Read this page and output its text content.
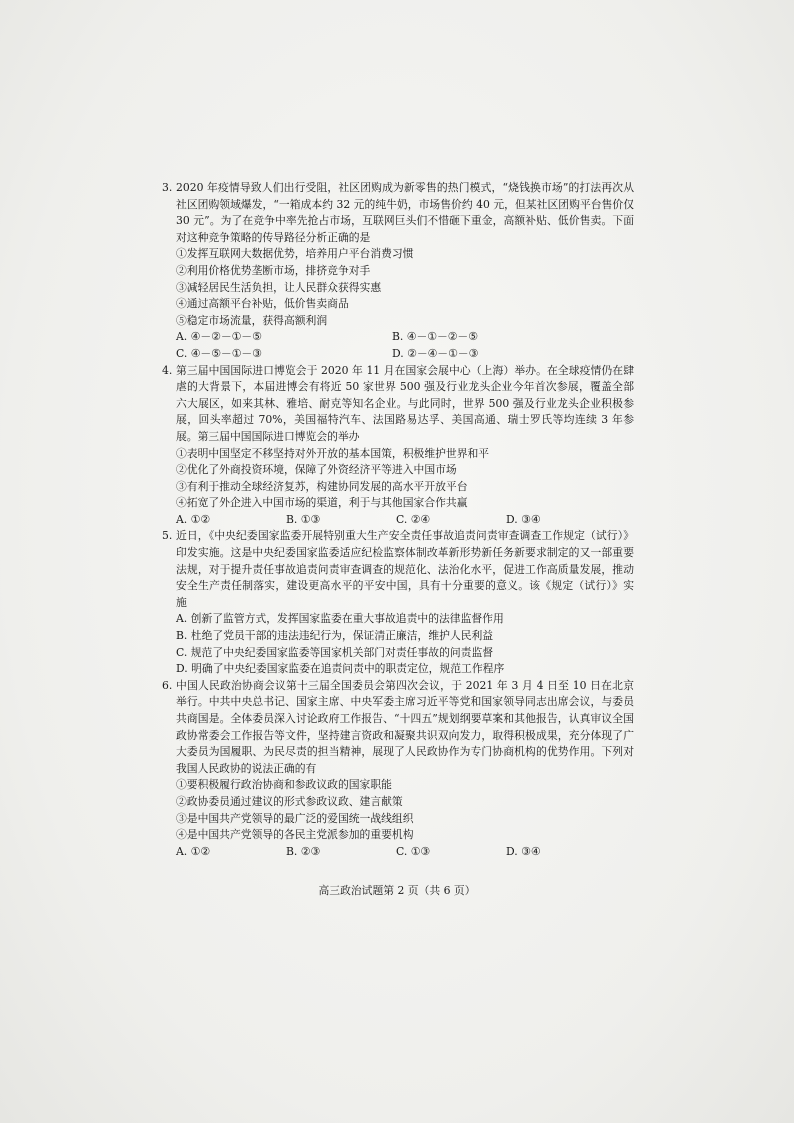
3. 2020 年疫情导致人们出行受阻，社区团购成为新零售的热门模式，“烧钱换市场”的打法再次从社区团购领域爆发，“一箱成本约 32 元的纯牛奶，市场售价约 40 元，但某社区团购平台售价仅 30 元”。为了在竞争中率先抢占市场，互联网巨头们不惜砸下重金，高额补贴、低价售卖。下面对这种竞争策略的传导路径分析正确的是
①发挥互联网大数据优势，培养用户平台消费习惯
②利用价格优势垄断市场，排挤竞争对手
③减轻居民生活负担，让人民群众获得实惠
④通过高额平台补贴，低价售卖商品
⑤稳定市场流量，获得高额利润
A. ④－②－①－⑤	B. ④－①－②－⑤
C. ④－⑤－①－③	D. ②－④－①－③
4. 第三届中国国际进口博览会于 2020 年 11 月在国家会展中心（上海）举办。在全球疫情仍在肆虐的大背景下，本届进博会有将近 50 家世界 500 强及行业龙头企业今年首次参展，覆盖全部六大展区，如来其林、雅培、耐克等知名企业。与此同时，世界 500 强及行业龙头企业积极参展，回头率超过 70%，美国福特汽车、法国路易达孚、美国高通、瑞士罗氏等均连续 3 年参展。第三届中国国际进口博览会的举办
①表明中国坚定不移坚持对外开放的基本国策，积极维护世界和平
②优化了外商投资环境，保障了外资经济平等进入中国市场
③有利于推动全球经济复苏，构建协同发展的高水平开放平台
④拓宽了外企进入中国市场的渠道，利于与其他国家合作共赢
A. ①②	B. ①③	C. ②④	D. ③④
5. 近日，《中央纪委国家监委开展特别重大生产安全责任事故追责问责审查调查工作规定（试行）》印发实施。这是中央纪委国家监委适应纪检监察体制改革新形势新任务新要求制定的又一部重要法规，对于提升责任事故追责问责审查调查的规范化、法治化水平，促进工作高质量发展，推动安全生产责任制落实，建设更高水平的平安中国，具有十分重要的意义。该《规定（试行）》实施
A. 创新了监管方式，发挥国家监委在重大事故追责中的法律监督作用
B. 杜绝了党员干部的违法违纪行为，保证清正廉洁，维护人民利益
C. 规范了中央纪委国家监委等国家机关部门对责任事故的问责监督
D. 明确了中央纪委国家监委在追责问责中的职责定位，规范工作程序
6. 中国人民政治协商会议第十三届全国委员会第四次会议，于 2021 年 3 月 4 日至 10 日在北京举行。中共中央总书记、国家主席、中央军委主席习近平等党和国家领导同志出席会议，与委员共商国是。全体委员深入讨论政府工作报告、“十四五”规划纲要草案和其他报告，认真审议全国政协常委会工作报告等文件，坚持建言资政和凝聚共识双向发力，取得积极成果，充分体现了广大委员为国履职、为民尽责的担当精神，展现了人民政协作为专门协商机构的优势作用。下列对我国人民政协的说法正确的有
①要积极履行政治协商和参政议政的国家职能
②政协委员通过建议的形式参政议政、建言献策
③是中国共产党领导的最广泛的爱国统一战线组织
④是中国共产党领导的各民主党派参加的重要机构
A. ①②	B. ②③	C. ①③	D. ③④
高三政治试题第 2 页（共 6 页）
